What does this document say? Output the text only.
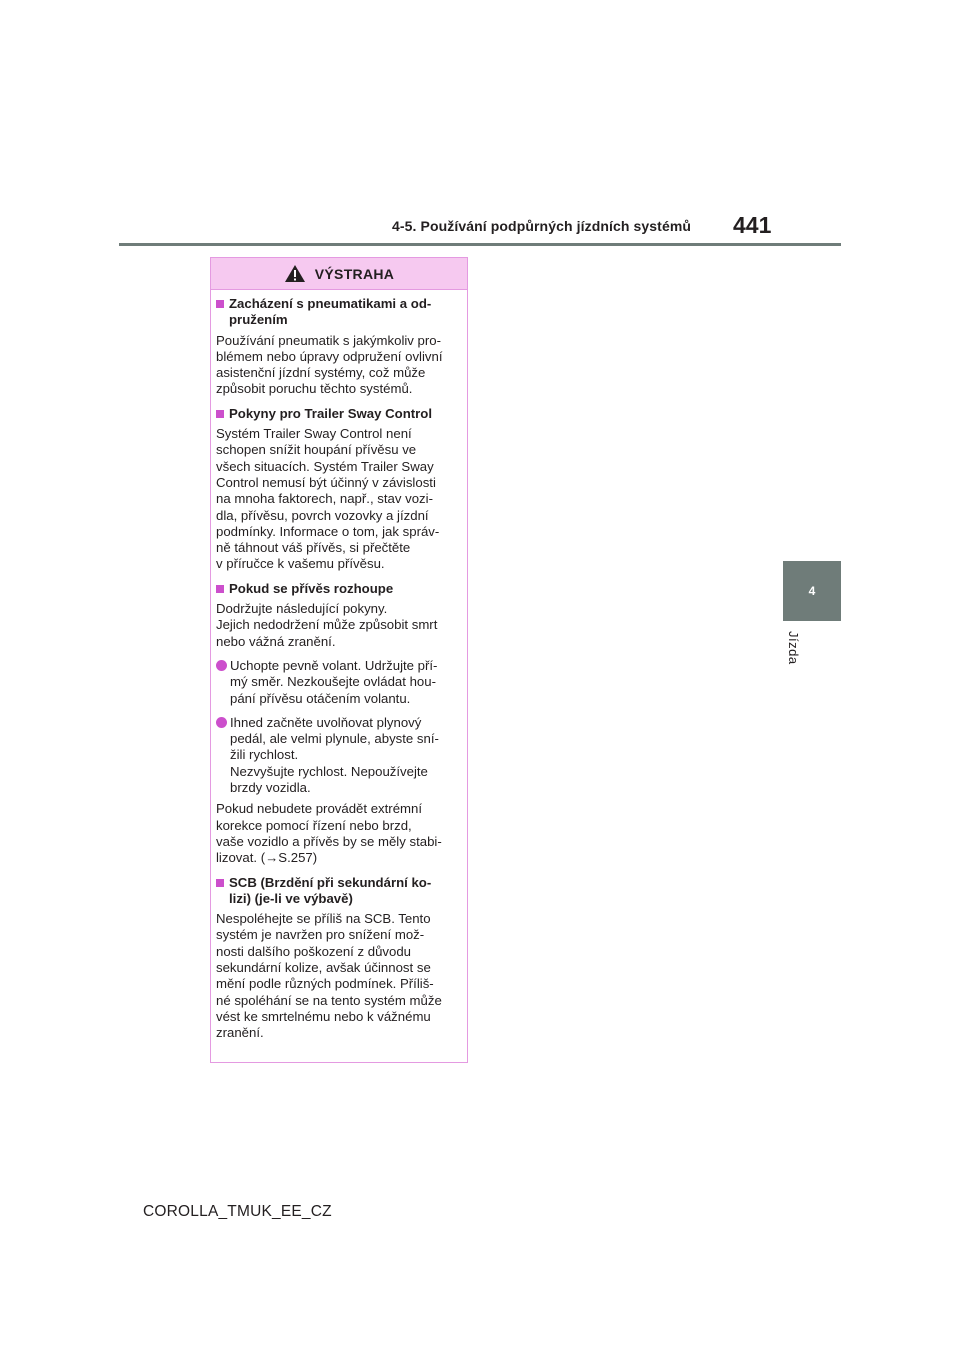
4-5. Používání podpůrných jízdních systémů 441
4
Jízda
VÝSTRAHA
Zacházení s pneumatikami a od-
pružením
Používání pneumatik s jakýmkoliv pro-
blémem nebo úpravy odpružení ovlivní
asistenční jízdní systémy, což může
způsobit poruchu těchto systémů.
Pokyny pro Trailer Sway Control
Systém Trailer Sway Control není
schopen snížit houpání přívěsu ve
všech situacích. Systém Trailer Sway
Control nemusí být účinný v závislosti
na mnoha faktorech, např., stav vozi-
dla, přívěsu, povrch vozovky a jízdní
podmínky. Informace o tom, jak správ-
ně táhnout váš přívěs, si přečtěte
v příručce k vašemu přívěsu.
Pokud se přívěs rozhoupe
Dodržujte následující pokyny.
Jejich nedodržení může způsobit smrt
nebo vážná zranění.
Uchopte pevně volant. Udržujte pří-
mý směr. Nezkoušejte ovládat hou-
pání přívěsu otáčením volantu.
Ihned začněte uvolňovat plynový
pedál, ale velmi plynule, abyste sní-
žili rychlost.
Nezvyšujte rychlost. Nepoužívejte
brzdy vozidla.
Pokud nebudete provádět extrémní
korekce pomocí řízení nebo brzd,
vaše vozidlo a přívěs by se měly stabi-
lizovat. (→S.257)
SCB (Brzdění při sekundární ko-
lizi) (je-li ve výbavě)
Nespoléhejte se příliš na SCB. Tento
systém je navržen pro snížení mož-
nosti dalšího poškození z důvodu
sekundární kolize, avšak účinnost se
mění podle různých podmínek. Příliš-
né spoléhání se na tento systém může
vést ke smrtelnému nebo k vážnému
zranění.
COROLLA_TMUK_EE_CZ
